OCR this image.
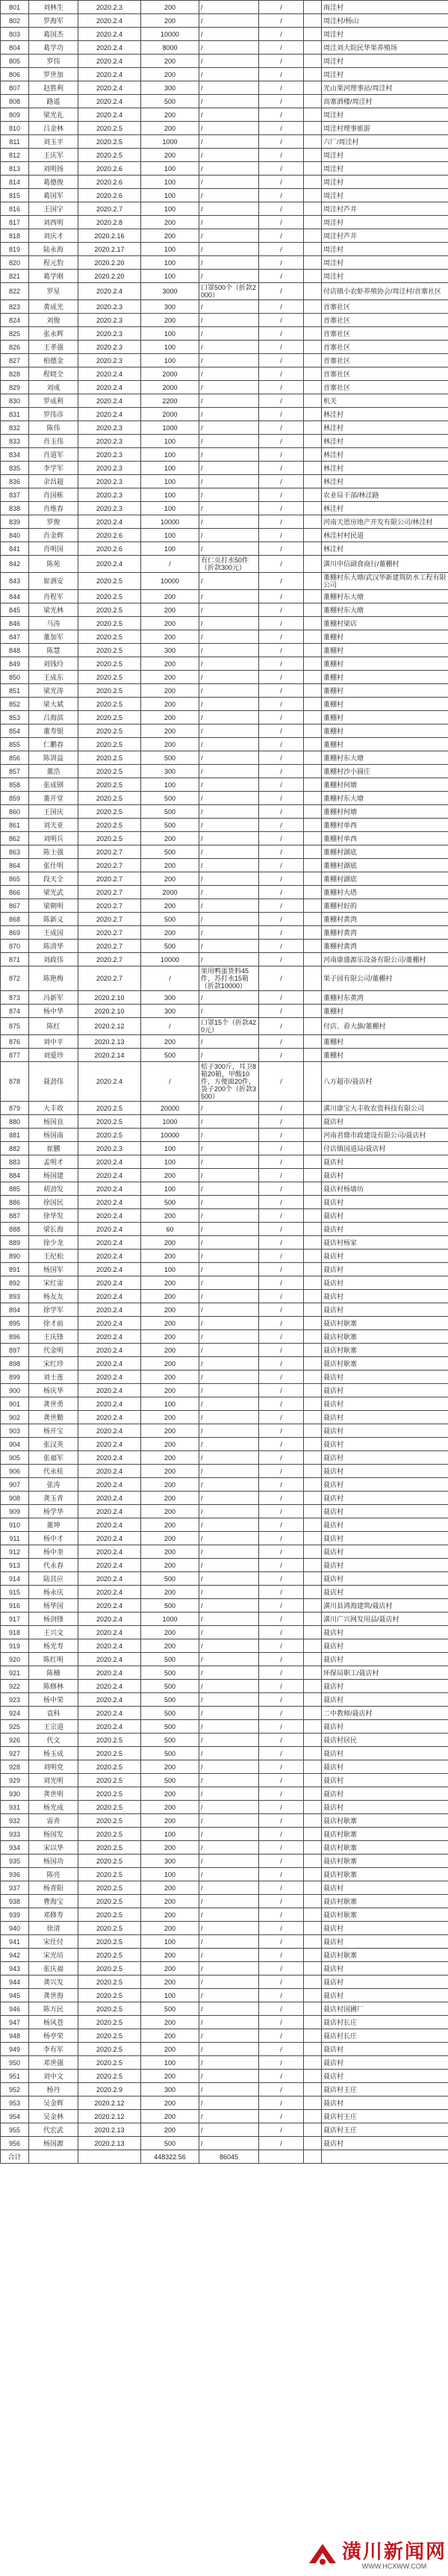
801	刘林生	2020.2.3	200	/	/		雨洼村
802	罗海军	2020.2.4	200	/	/		周洼村/杨山
803	葛国杰	2020.2.4	10000	/	/		周洼村
804	葛学功	2020.2.4	8000	/	/		周洼刘大院民华果养殖场
805	罗伟	2020.2.4	200	/	/		周洼村
806	罗世加	2020.2.4	200	/	/		周洼村
807	赵胜利	2020.2.4	300	/	/		光山果河理事站/周洼村
808	路遥	2020.2.4	500	/	/		高寨酒楼/周洼村
809	梁光礼	2020.2.4	200	/	/		周洼村
810	吕金林	2020.2.5	200	/	/		周洼村理事旅游
811	刘玉平	2020.2.5	1000	/	/		六厂/周洼村
812	王庆军	2020.2.5	200	/	/		周洼村
813	刘明扬	2020.2.6	100	/	/		周洼村
814	葛德俊	2020.2.6	100	/	/		周洼村
815	葛国军	2020.2.6	100	/	/		周洼村
816	王国宇	2020.2.7	100	/	/		周洼村芦井
817	刘西明	2020.2.8	200	/	/		周洼村
818	刘庆才	2020.2.16	200	/	/		周洼村芦井
819	陆永海	2020.2.17	100	/	/		周洼村
820	程元豹	2020.2.20	100	/	/		周洼村
821	葛学刚	2020.2.20	100	/	/		周洼村
822	罗星	2020.2.4	3000	口罩500个（折款2000）	/		付店镇小农虾养殖协会/周洼村/首寨社区
823	黄成光	2020.2.3	300	/	/		首寨社区
824	刘俊	2020.2.3	200	/	/		首寨社区
825	张永辉	2020.2.3	100	/	/		首寨社区
826	王孝强	2020.2.3	100	/	/		首寨社区
827	柏德金	2020.2.3	100	/	/		首寨社区
828	程晓全	2020.2.4	2000	/	/		首寨社区
829	刘成	2020.2.4	2000	/	/		首寨社区
830	罗成利	2020.2.4	2200	/	/		机关
831	罗伟彦	2020.2.4	2000	/	/		林洼村
832	陈伟	2020.2.3	1000	/	/		林洼村
833	肖玉伟	2020.2.3	100	/	/		林洼村
834	肖道军	2020.2.3	100	/	/		林洼村
835	李学军	2020.2.3	100	/	/		林洼村
836	余昌超	2020.2.3	100	/	/		林洼村
837	肖国栋	2020.2.3	100	/	/		农业局干部/林洼路
838	肖维春	2020.2.3	100	/	/		林洼村
839	罗俊	2020.2.4	10000	/	/		河南天恩房地产开发有限公司/林洼村
840	肖金辉	2020.2.6	100	/	/		林洼村村民道
841	肖明国	2020.2.6	100	/	/		林洼村
842	陈苑	2020.2.4	/	有仁页打水50件（折款300元）	/		潢川申信副食商行/董棚村
843	崔洒安	2020.2.5	10000	/	/		董棚村东大塘/武汉华新建筑防水工程有限公司
844	肖程军	2020.2.5	200	/	/		董棚村东大塘
845	梁光林	2020.2.5	200	/	/		董棚村东大塘
846	马涛	2020.2.5	200	/	/		董棚村梁店
847	董加军	2020.2.5	200	/	/		董棚村
848	陈慧	2020.2.5	300	/	/		董棚村
849	刘钱玲	2020.2.5	200	/	/		董棚村
850	王成东	2020.2.5	200	/	/		董棚村
851	梁光涛	2020.2.5	200	/	/		董棚村
852	梁大斌	2020.2.5	200	/	/		董棚村
853	吕海滨	2020.2.5	200	/	/		董棚村
854	董寿银	2020.2.5	200	/	/		董棚村
855	仁鹏春	2020.2.5	200	/	/		董棚村
856	陈训益	2020.2.5	500	/	/		董棚村东大塘
857	董浩	2020.2.5	300	/	/		董棚村沙小圆庄
858	张成钢	2020.2.5	100	/	/		董棚村何塘
859	董开堂	2020.2.5	500	/	/		董棚村东大塘
860	王国庆	2020.2.5	500	/	/		董棚村何塘
861	刘天亚	2020.2.5	500	/	/		董棚村单西
862	刘明兵	2020.2.5	200	/	/		董棚村单西
863	陈士强	2020.2.7	500	/	/		董棚村湖底
864	张仕明	2020.2.7	200	/	/		董棚村湖底
865	段天全	2020.2.7	200	/	/		董棚村湖底
866	梁光武	2020.2.7	2000	/	/		董棚村大塔
867	梁朝明	2020.2.7	200	/	/		董棚村好的
868	陈新义	2020.2.7	500	/	/		董棚村黄湾
869	王成国	2020.2.7	200	/	/		董棚村黄湾
870	陈清华	2020.2.7	500	/	/		董棚村黄湾
871	刘政伟	2020.2.7	10000	/	/		河南康盛源乐设备有限公司/董棚村
872	陈艳梅	2020.2.7	/	果用鸭蛋货料45件，苏打水15箱（折款10000）	/		果子园有限公司/董棚村
873	冯新军	2020.2.10	300	/	/		董棚村东黄湾
874	杨中华	2020.2.10	300	/	/		董棚村
875	陈红	2020.2.12	/	口罩15个（折款420元）	/		付店、孬大旗/董棚村
876	刘中平	2020.2.13	200	/	/		董棚村
877	刘爱珍	2020.2.14	500	/	/		董棚村
878	聂劲伟	2020.2.4	/	桔子300斤，耳卫8箱20箱，甲酸10件，方便面20件，袋子200个（折款3500）	/		八方超市/聂店村
879	大丰收	2020.2.5	20000	/	/		潢川康宝大丰收农资科技有限公司
880	杨国良	2020.2.5	1000	/	/		聂店村
881	杨国南	2020.2.5	10000	/	/		河南君鼎市政建设有限公司/聂店村
882	崔鹏	2020.2.3	100	/	/		付店镇国道局/聂店村
883	孟明才	2020.2.4	100	/	/		聂店村
884	杨国建	2020.2.4	200	/	/		聂店村
885	胡劲发	2020.2.4	100	/	/		聂店村杨墙坊
886	徐国民	2020.2.4	500	/	/		聂店村
887	徐华发	2020.2.4	200	/	/		聂店村
888	梁长海	2020.2.4	60	/	/		聂店村
889	徐少龙	2020.2.4	200	/	/		聂店村杨家
890	王纪松	2020.2.4	200	/	/		聂店村
891	杨国军	2020.2.4	100	/	/		聂店村
892	宋红雷	2020.2.4	200	/	/		聂店村
893	杨友友	2020.2.4	200	/	/		聂店村
894	徐学军	2020.2.4	200	/	/		聂店村
895	徐才前	2020.2.4	200	/	/		聂店村耿寨
896	王庆锋	2020.2.4	200	/	/		聂店村耿寨
897	代金明	2020.2.4	200	/	/		聂店村耿寨
898	宋红珍	2020.2.4	200	/	/		聂店村耿寨
899	刘士莲	2020.2.4	200	/	/		聂店村
900	杨庆华	2020.2.4	200	/	/		聂店村
901	龚世勇	2020.2.4	100	/	/		聂店村
902	龚世勤	2020.2.4	200	/	/		聂店村
903	杨开宝	2020.2.4	200	/	/		聂店村
904	张汉英	2020.2.4	200	/	/		聂店村
905	张福军	2020.2.4	200	/	/		聂店村
906	代永桂	2020.2.4	200	/	/		聂店村
907	张涛	2020.2.4	200	/	/		聂店村
908	龚玉青	2020.2.4	200	/	/		聂店村
909	杨学华	2020.2.4	200	/	/		聂店村
910	董坤	2020.2.4	200	/	/		聂店村
911	杨中才	2020.2.4	200	/	/		聂店村
912	杨中奎	2020.2.4	200	/	/		聂店村
913	代永春	2020.2.4	200	/	/		聂店村
914	陆其应	2020.2.4	500	/	/		聂店村
915	杨永庆	2020.2.4	200	/	/		聂店村
916	杨华国	2020.2.4	500	/	/		潢川县鸿海建筑/聂店村
917	杨剑锋	2020.2.4	1000	/	/		潢川广兴网发用品/聂店村
918	王兴文	2020.2.4	200	/	/		聂店村
919	杨光寿	2020.2.4	200	/	/		聂店村
920	陈红明	2020.2.4	500	/	/		聂店村
921	陈楠	2020.2.4	500	/	/		环保局职工/聂店村
922	陈修林	2020.2.4	500	/	/		聂店村
923	杨中荣	2020.2.4	500	/	/		聂店村
924	袁科	2020.2.4	500	/	/		二中教师/聂店村
925	王宗道	2020.2.4	500	/	/		聂店村
926	代文	2020.2.5	500	/	/		聂店村居民
927	杨玉成	2020.2.5	500	/	/		聂店村
928	刘明党	2020.2.5	200	/	/		聂店村
929	刘光明	2020.2.5	500	/	/		聂店村
930	龚世明	2020.2.5	200	/	/		聂店村
931	杨光成	2020.2.5	200	/	/		聂店村
932	雷青	2020.2.5	200	/	/		聂店村耿寨
933	杨国发	2020.2.5	100	/	/		聂店村耿寨
934	宋以华	2020.2.5	200	/	/		聂店村耿寨
935	杨国功	2020.2.5	300	/	/		聂店村耿寨
936	陈亮	2020.2.5	100	/	/		聂店村耿寨
937	杨青阳	2020.2.5	200	/	/		聂店村
938	曹海宝	2020.2.5	200	/	/		聂店村耿寨
939	邓修寿	2020.2.5	200	/	/		聂店村耿寨
940	徐清	2020.2.5	200	/	/		聂店村
941	宋仕付	2020.2.5	100	/	/		聂店村
942	宋光培	2020.2.5	200	/	/		聂店村耿寨
943	张庆福	2020.2.5	200	/	/		聂店村
944	龚兴发	2020.2.5	200	/	/		聂店村
945	龚世海	2020.2.5	100	/	/		聂店村
946	陈方民	2020.2.5	500	/	/		聂店村国圃厂
947	杨风苍	2020.2.5	200	/	/		聂店村长庄
948	杨亭荣	2020.2.5	200	/	/		聂店村长庄
949	李有军	2020.2.5	200	/	/		聂店村
950	邓世强	2020.2.5	100	/	/		聂店村
951	刘中文	2020.2.5	200	/	/		聂店村
952	杨丹	2020.2.9	300	/	/		聂店村王庄
953	吴金辉	2020.2.12	200	/	/		聂店村
954	吴金林	2020.2.12	200	/	/		聂店村王庄
955	代宏武	2020.2.13	200	/	/		聂店村王庄
956	杨国源	2020.2.13	500	/	/		聂店村
合计			448322.56	86045			
潢川新闻网
WWW.HCXWW.COM
